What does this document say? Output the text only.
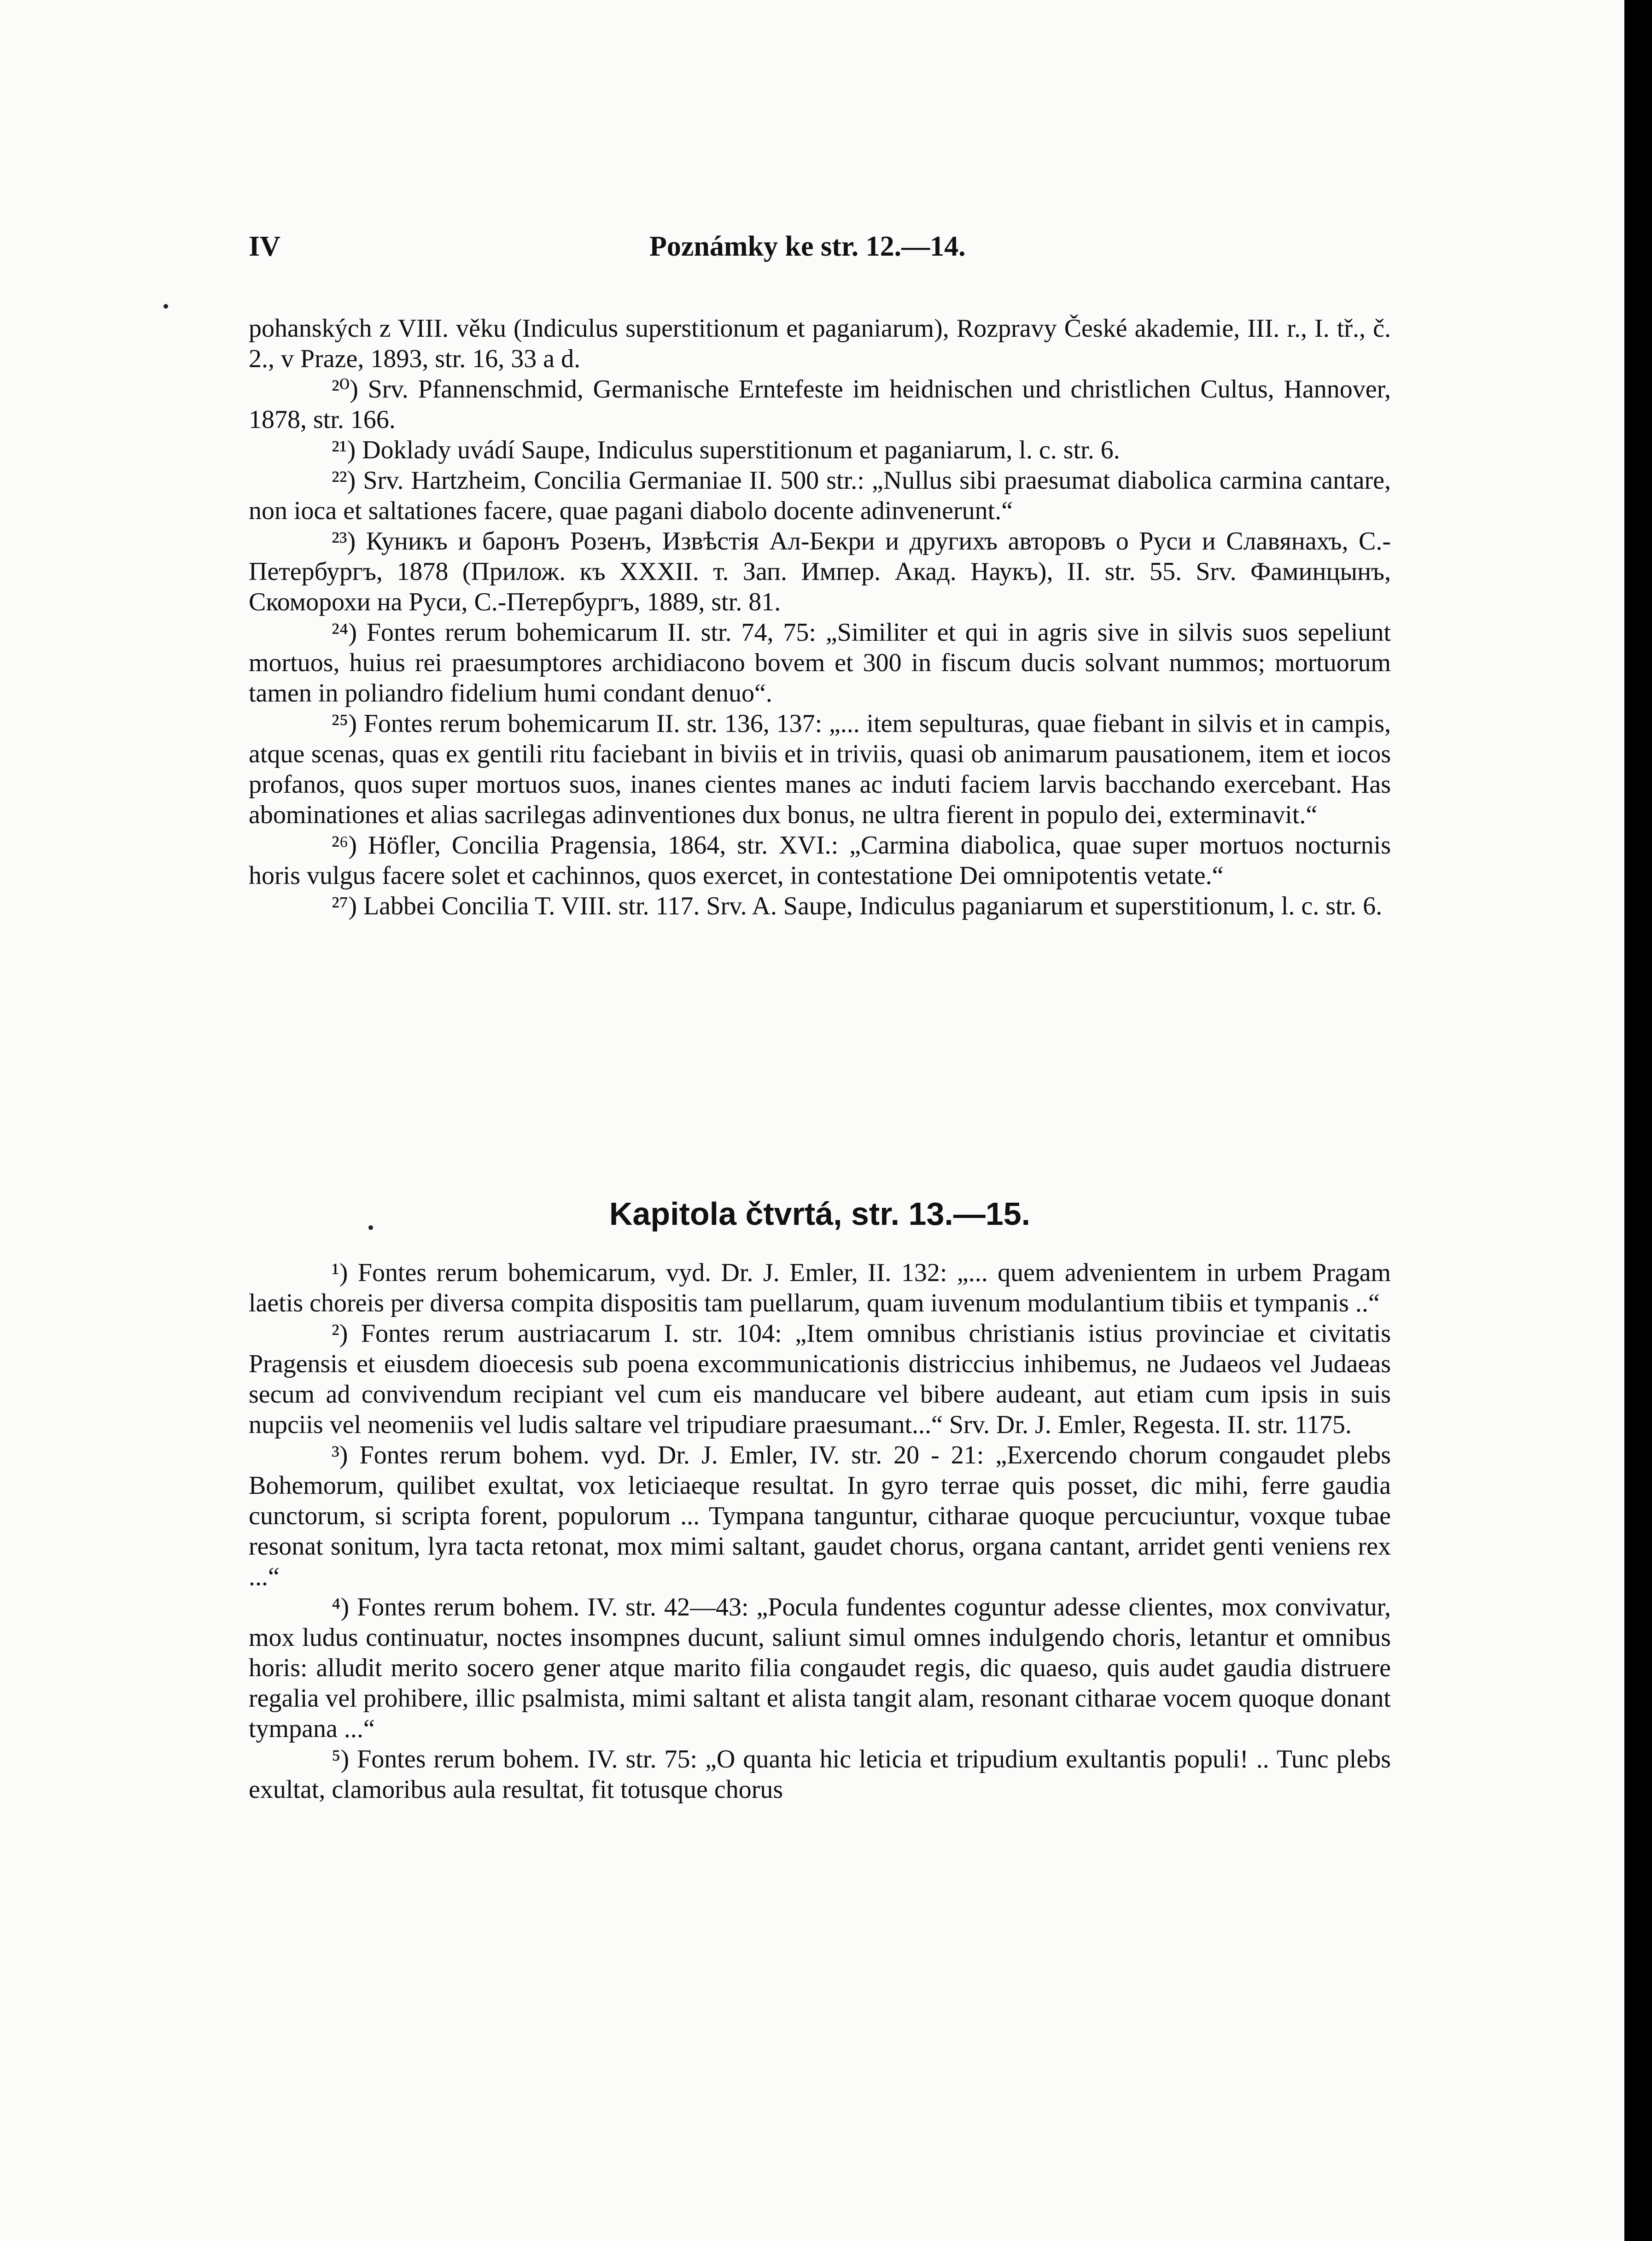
IV	Poznámky ke str. 12.—14.

pohanských z VIII. věku (Indiculus superstitionum et paganiarum), Rozpravy České akademie, III. r., I. tř., č. 2., v Praze, 1893, str. 16, 33 a d.

²⁰) Srv. Pfannenschmid, Germanische Erntefeste im heidnischen und christlichen Cultus, Hannover, 1878, str. 166.

²¹) Doklady uvádí Saupe, Indiculus superstitionum et paganiarum, l. c. str. 6.

²²) Srv. Hartzheim, Concilia Germaniae II. 500 str.: „Nullus sibi praesumat diabolica carmina cantare, non ioca et saltationes facere, quae pagani diabolo docente adinvenerunt.“

²³) Куникъ и баронъ Розенъ, Извѣстія Ал-Бекри и другихъ авторовъ о Руси и Славянахъ, С.-Петербургъ, 1878 (Прилож. къ XXXII. т. Зап. Импер. Акад. Наукъ), II. str. 55. Srv. Фаминцынъ, Скоморохи на Руси, С.-Петербургъ, 1889, str. 81.

²⁴) Fontes rerum bohemicarum II. str. 74, 75: „Similiter et qui in agris sive in silvis suos sepeliunt mortuos, huius rei praesumptores archidiacono bovem et 300 in fiscum ducis solvant nummos; mortuorum tamen in poliandro fidelium humi condant denuo“.

²⁵) Fontes rerum bohemicarum II. str. 136, 137: „... item sepulturas, quae fiebant in silvis et in campis, atque scenas, quas ex gentili ritu faciebant in biviis et in triviis, quasi ob animarum pausationem, item et iocos profanos, quos super mortuos suos, inanes cientes manes ac induti faciem larvis bacchando exercebant. Has abominationes et alias sacrilegas adinventiones dux bonus, ne ultra fierent in populo dei, exterminavit.“

²⁶) Höfler, Concilia Pragensia, 1864, str. XVI.: „Carmina diabolica, quae super mortuos nocturnis horis vulgus facere solet et cachinnos, quos exercet, in contestatione Dei omnipotentis vetate.“

²⁷) Labbei Concilia T. VIII. str. 117. Srv. A. Saupe, Indiculus paganiarum et superstitionum, l. c. str. 6.

Kapitola čtvrtá, str. 13.—15.

¹) Fontes rerum bohemicarum, vyd. Dr. J. Emler, II. 132: „... quem advenientem in urbem Pragam laetis choreis per diversa compita dispositis tam puellarum, quam iuvenum modulantium tibiis et tympanis ..“

²) Fontes rerum austriacarum I. str. 104: „Item omnibus christianis istius provinciae et civitatis Pragensis et eiusdem dioecesis sub poena excommunicationis districcius inhibemus, ne Judaeos vel Judaeas secum ad convivendum recipiant vel cum eis manducare vel bibere audeant, aut etiam cum ipsis in suis nupciis vel neomeniis vel ludis saltare vel tripudiare praesumant...“ Srv. Dr. J. Emler, Regesta. II. str. 1175.

³) Fontes rerum bohem. vyd. Dr. J. Emler, IV. str. 20 - 21: „Exercendo chorum congaudet plebs Bohemorum, quilibet exultat, vox leticiaeque resultat. In gyro terrae quis posset, dic mihi, ferre gaudia cunctorum, si scripta forent, populorum ... Tympana tanguntur, citharae quoque percuciuntur, voxque tubae resonat sonitum, lyra tacta retonat, mox mimi saltant, gaudet chorus, organa cantant, arridet genti veniens rex ...“

⁴) Fontes rerum bohem. IV. str. 42—43: „Pocula fundentes coguntur adesse clientes, mox convivatur, mox ludus continuatur, noctes insompnes ducunt, saliunt simul omnes indulgendo choris, letantur et omnibus horis: alludit merito socero gener atque marito filia congaudet regis, dic quaeso, quis audet gaudia distruere regalia vel prohibere, illic psalmista, mimi saltant et alista tangit alam, resonant citharae vocem quoque donant tympana ...“

⁵) Fontes rerum bohem. IV. str. 75: „O quanta hic leticia et tripudium exultantis populi! .. Tunc plebs exultat, clamoribus aula resultat, fit totusque chorus
